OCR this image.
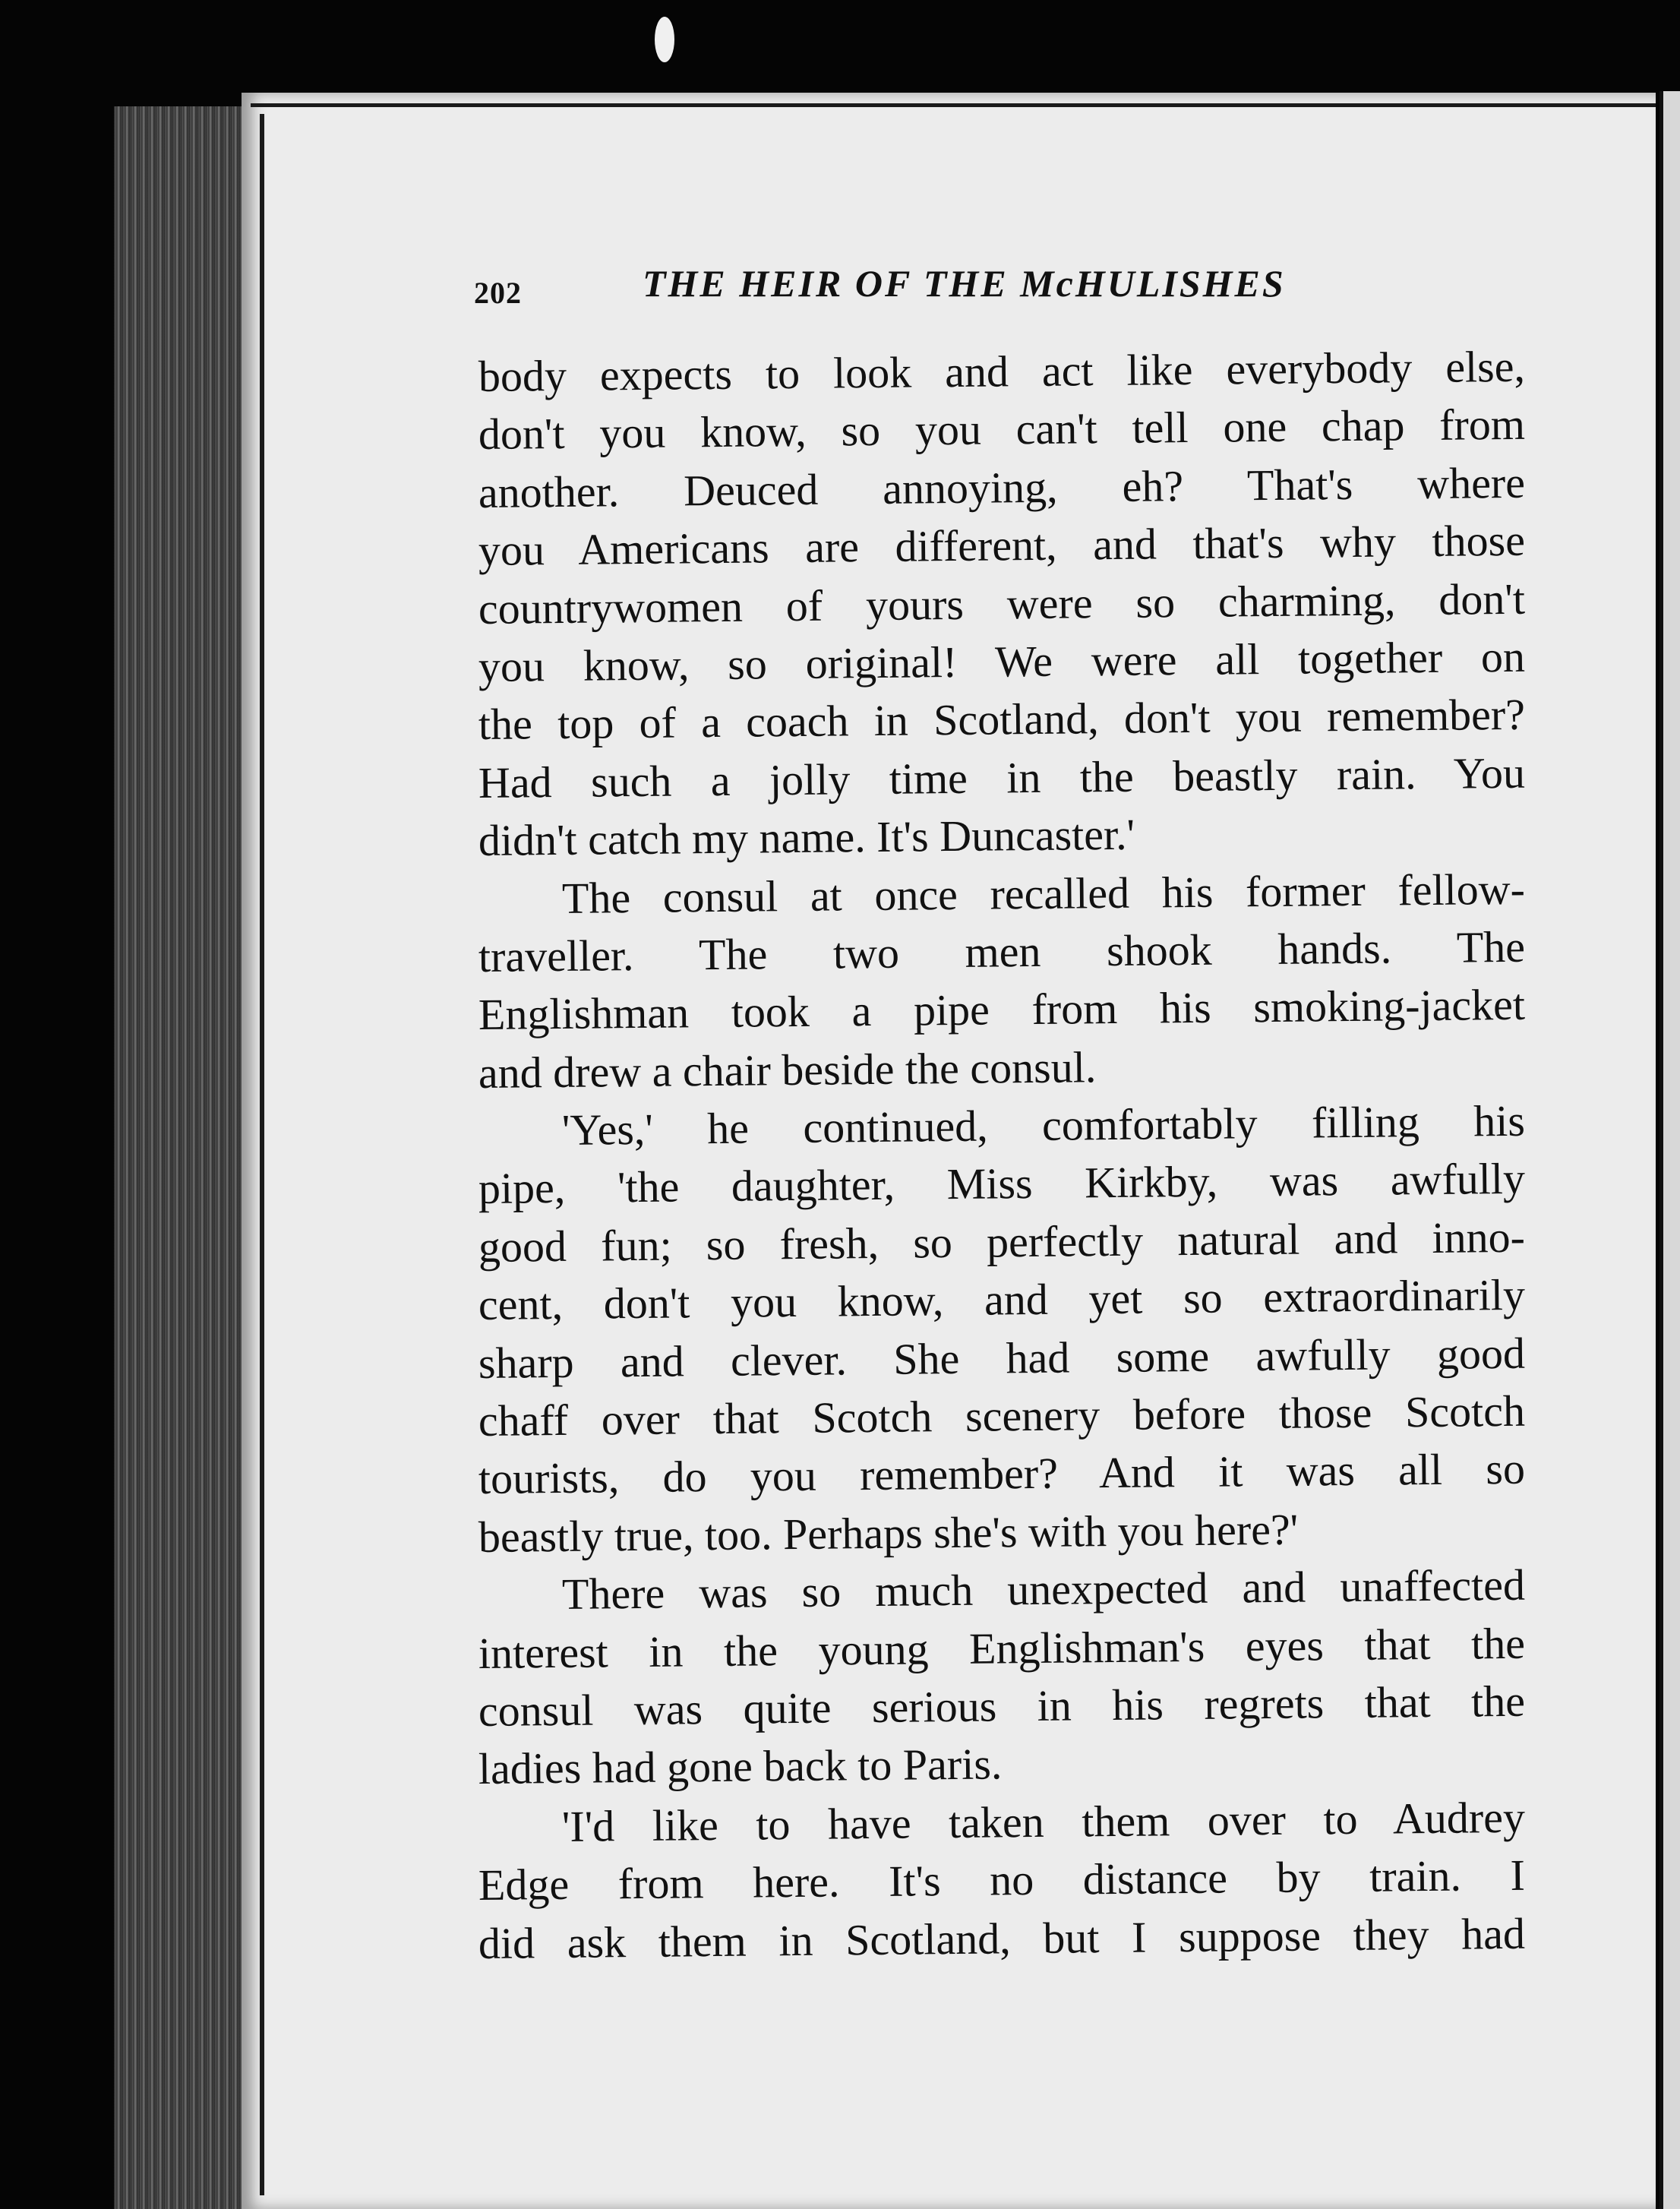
202	THE HEIR OF THE McHULISHES
body expects to look and act like everybody else,
don't you know, so you can't tell one chap from
another. Deuced annoying, eh? That's where
you Americans are different, and that's why those
countrywomen of yours were so charming, don't
you know, so original! We were all together on
the top of a coach in Scotland, don't you remember?
Had such a jolly time in the beastly rain. You
didn't catch my name. It's Duncaster.'
The consul at once recalled his former fellow-
traveller. The two men shook hands. The
Englishman took a pipe from his smoking-jacket
and drew a chair beside the consul.
'Yes,' he continued, comfortably filling his
pipe, 'the daughter, Miss Kirkby, was awfully
good fun; so fresh, so perfectly natural and inno-
cent, don't you know, and yet so extraordinarily
sharp and clever. She had some awfully good
chaff over that Scotch scenery before those Scotch
tourists, do you remember? And it was all so
beastly true, too. Perhaps she's with you here?'
There was so much unexpected and unaffected
interest in the young Englishman's eyes that the
consul was quite serious in his regrets that the
ladies had gone back to Paris.
'I'd like to have taken them over to Audrey
Edge from here. It's no distance by train. I
did ask them in Scotland, but I suppose they had
